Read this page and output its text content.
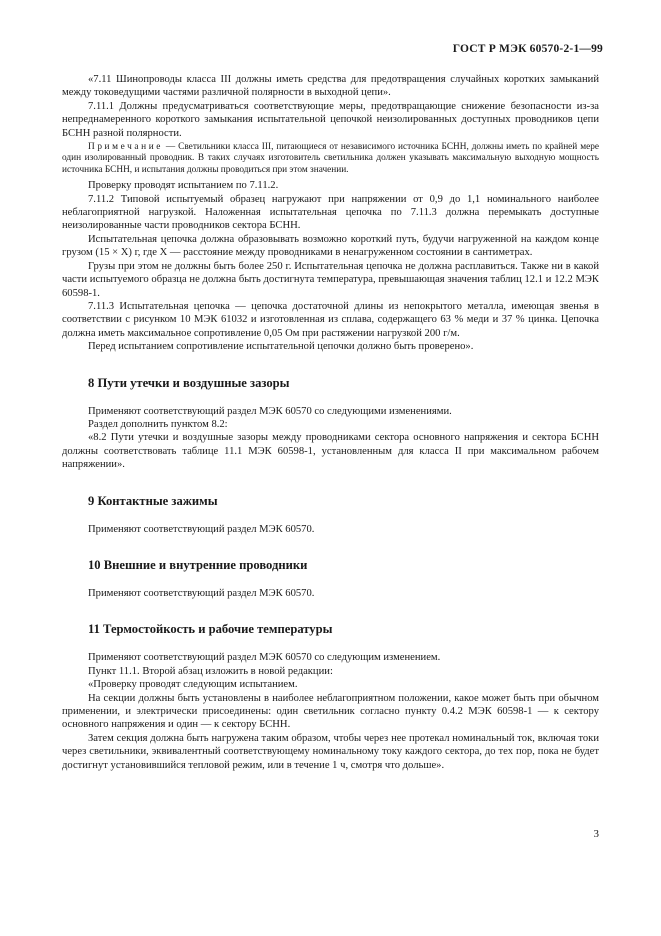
ГОСТ Р МЭК 60570-2-1—99

«7.11 Шинопроводы класса III должны иметь средства для предотвращения случайных коротких замыканий между токоведущими частями различной полярности в выходной цепи».

7.11.1 Должны предусматриваться соответствующие меры, предотвращающие снижение безопасности из-за непреднамеренного короткого замыкания испытательной цепочкой неизолированных доступных проводников цепи БСНН разной полярности.

Примечание — Светильники класса III, питающиеся от независимого источника БСНН, должны иметь по крайней мере один изолированный проводник. В таких случаях изготовитель светильника должен указывать максимальную выходную мощность источника БСНН, и испытания должны проводиться при этом значении.

Проверку проводят испытанием по 7.11.2.

7.11.2 Типовой испытуемый образец нагружают при напряжении от 0,9 до 1,1 номинального наиболее неблагоприятной нагрузкой. Наложенная испытательная цепочка по 7.11.3 должна перемыкать доступные неизолированные части проводников сектора БСНН.

Испытательная цепочка должна образовывать возможно короткий путь, будучи нагруженной на каждом конце грузом (15 × X) г, где X — расстояние между проводниками в ненагруженном состоянии в сантиметрах.

Грузы при этом не должны быть более 250 г. Испытательная цепочка не должна расплавиться. Также ни в какой части испытуемого образца не должна быть достигнута температура, превышающая значения таблиц 12.1 и 12.2 МЭК 60598-1.

7.11.3 Испытательная цепочка — цепочка достаточной длины из непокрытого металла, имеющая звенья в соответствии с рисунком 10 МЭК 61032 и изготовленная из сплава, содержащего 63 % меди и 37 % цинка. Цепочка должна иметь максимальное сопротивление 0,05 Ом при растяжении нагрузкой 200 г/м.

Перед испытанием сопротивление испытательной цепочки должно быть проверено».

8 Пути утечки и воздушные зазоры

Применяют соответствующий раздел МЭК 60570 со следующими изменениями.

Раздел дополнить пунктом 8.2:

«8.2 Пути утечки и воздушные зазоры между проводниками сектора основного напряжения и сектора БСНН должны соответствовать таблице 11.1 МЭК 60598-1, установленным для класса II при максимальном рабочем напряжении».

9 Контактные зажимы

Применяют соответствующий раздел МЭК 60570.

10 Внешние и внутренние проводники

Применяют соответствующий раздел МЭК 60570.

11 Термостойкость и рабочие температуры

Применяют соответствующий раздел МЭК 60570 со следующим изменением.

Пункт 11.1. Второй абзац изложить в новой редакции:

«Проверку проводят следующим испытанием.

На секции должны быть установлены в наиболее неблагоприятном положении, какое может быть при обычном применении, и электрически присоединены: один светильник согласно пункту 0.4.2 МЭК 60598-1 — к сектору основного напряжения и один — к сектору БСНН.

Затем секция должна быть нагружена таким образом, чтобы через нее протекал номинальный ток, включая токи через светильники, эквивалентный соответствующему номинальному току каждого сектора, до тех пор, пока не будет достигнут установившийся тепловой режим, или в течение 1 ч, смотря что дольше».

3
